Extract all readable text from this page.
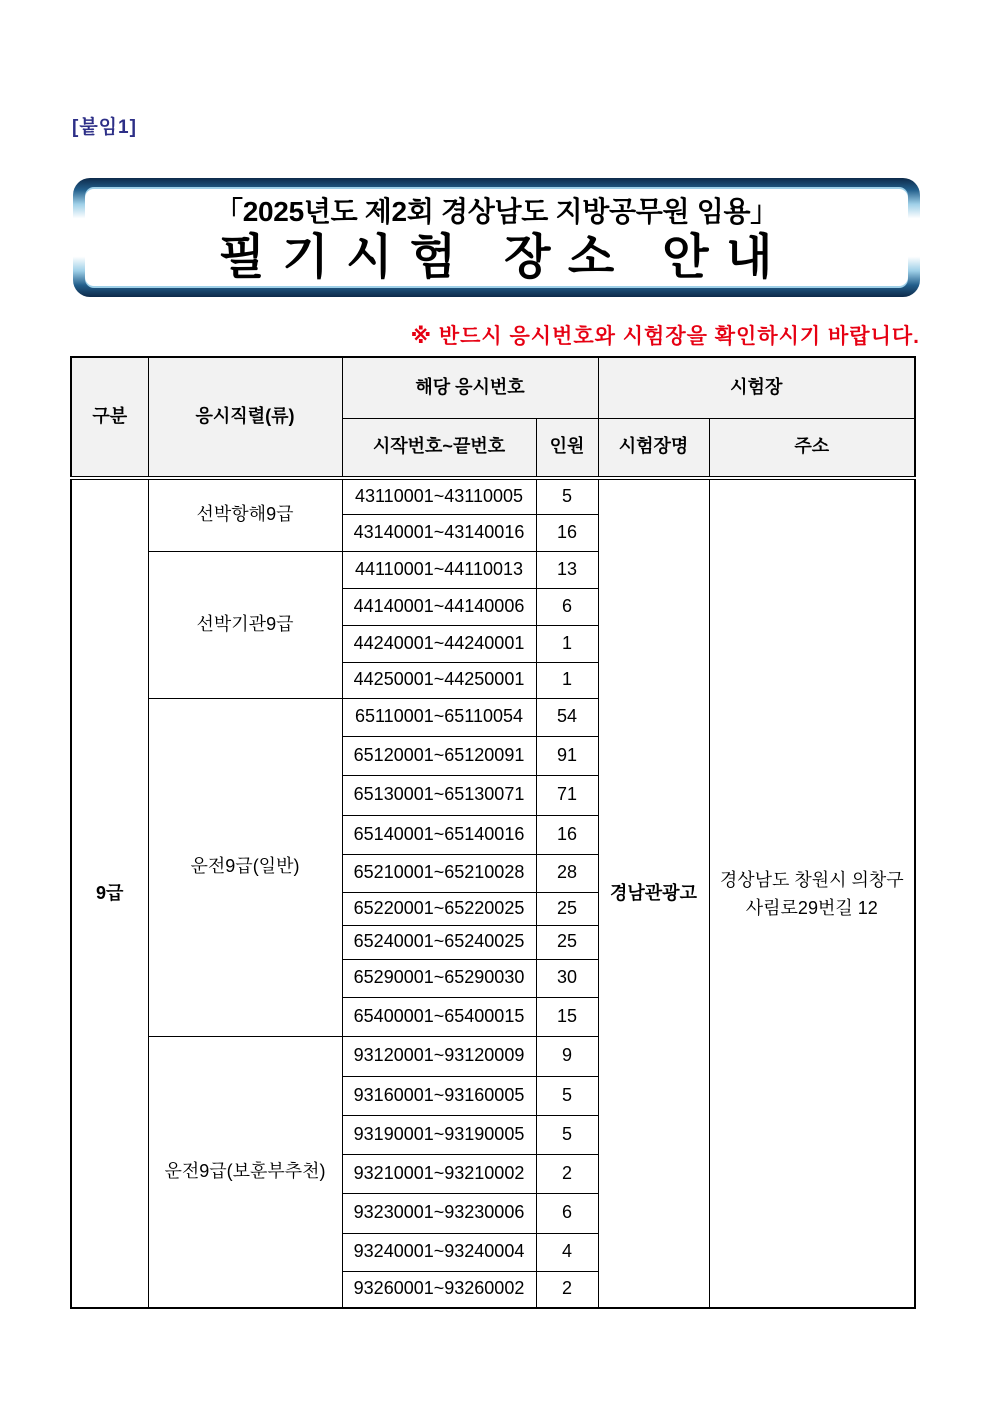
[붙임1]
「2025년도 제2회 경상남도 지방공무원 임용」
필 기 시 험   장 소   안 내
※ 반드시 응시번호와 시험장을 확인하시기 바랍니다.
구분	응시직렬(류)	해당 응시번호		시험장	
		시작번호~끝번호	인원	시험장명	주소
9급	선박항해9급	43110001~43110005	5	경남관광고	경상남도 창원시 의창구
사림로29번길 12

		43140001~43140016	16		
	선박기관9급	44110001~44110013	13		
		44140001~44140006	6		
		44240001~44240001	1		
		44250001~44250001	1		
	운전9급(일반)	65110001~65110054	54		
		65120001~65120091	91		
		65130001~65130071	71		
		65140001~65140016	16		
		65210001~65210028	28		
		65220001~65220025	25		
		65240001~65240025	25		
		65290001~65290030	30		
		65400001~65400015	15		
	운전9급(보훈부추천)	93120001~93120009	9		
		93160001~93160005	5		
		93190001~93190005	5		
		93210001~93210002	2		
		93230001~93230006	6		
		93240001~93240004	4		
		93260001~93260002	2		
